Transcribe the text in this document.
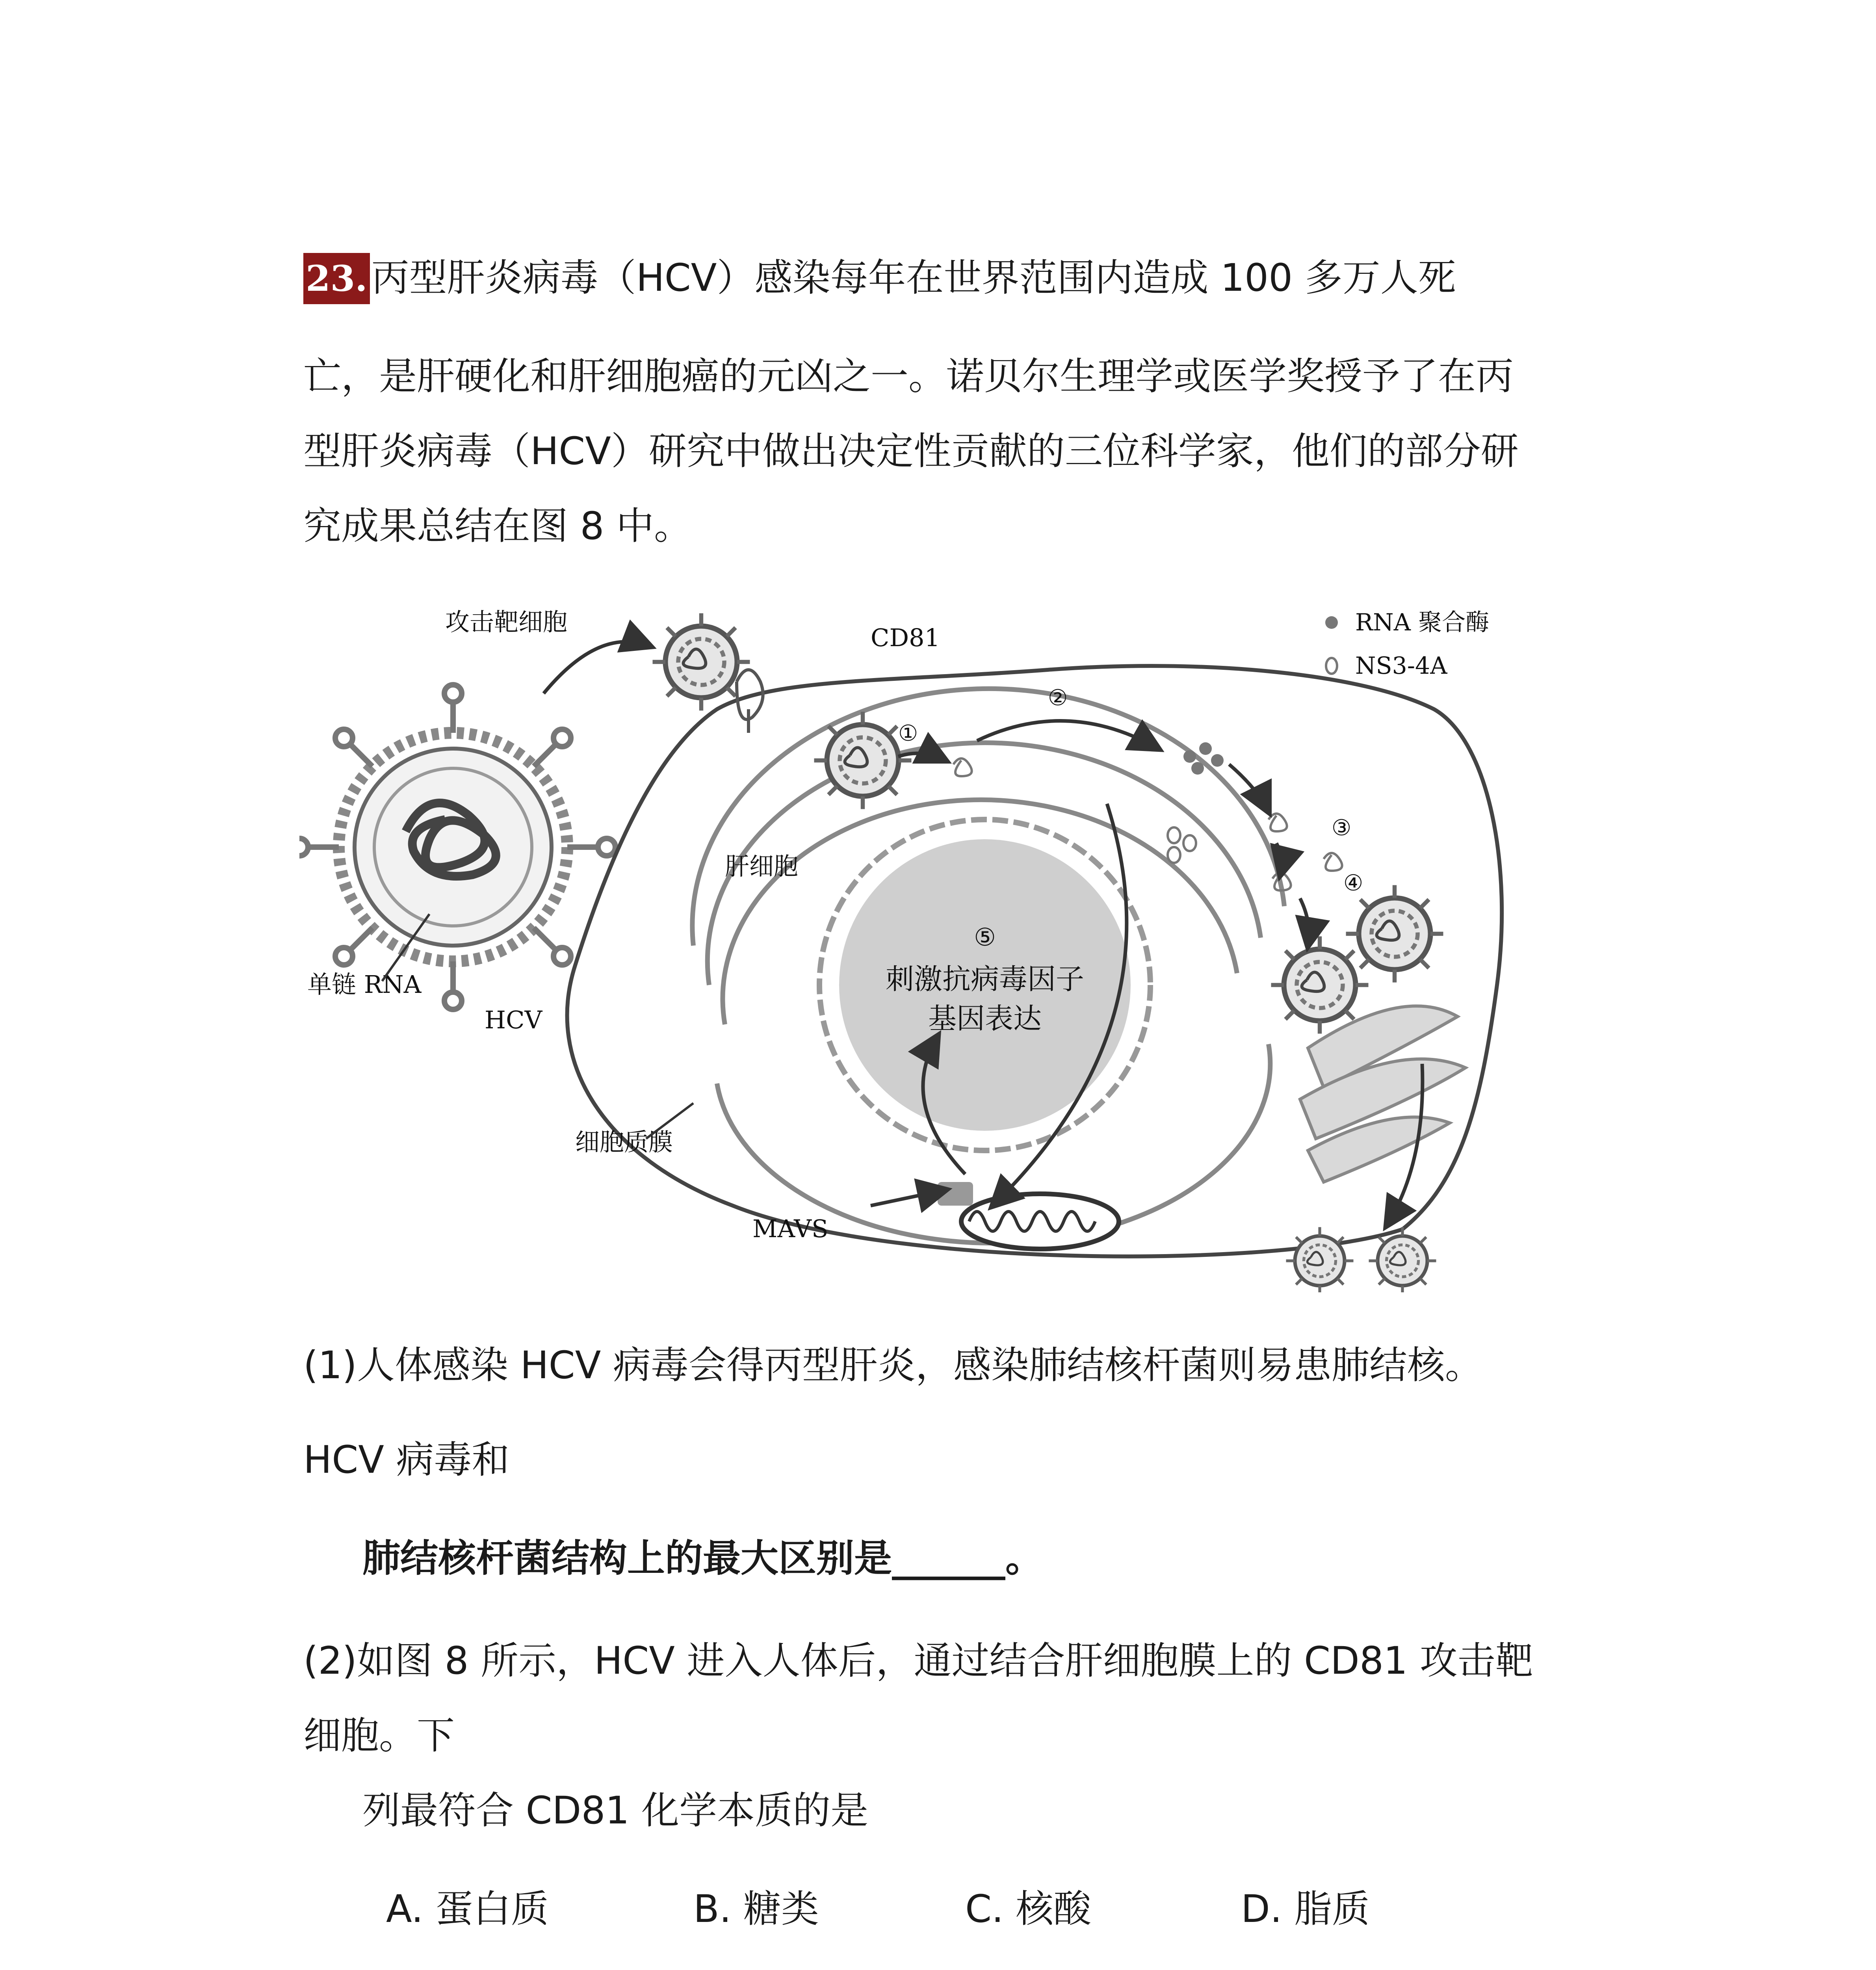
23. 丙型肝炎病毒（HCV）感染每年在世界范围内造成 100 多万人死
亡，是肝硬化和肝细胞癌的元凶之一。诺贝尔生理学或医学奖授予了在丙
型肝炎病毒（HCV）研究中做出决定性贡献的三位科学家，他们的部分研
究成果总结在图 8 中。
⑤
刺激抗病毒因子
基因表达
①
②
③
④
RNA 聚合酶
NS3-4A
攻击靶细胞
CD81
肝细胞
单链 RNA
HCV
细胞质膜
MAVS
(1)人体感染 HCV 病毒会得丙型肝炎，感染肺结核杆菌则易患肺结核。
HCV 病毒和
肺结核杆菌结构上的最大区别是______。
(2)如图 8 所示，HCV 进入人体后，通过结合肝细胞膜上的 CD81 攻击靶
细胞。下
列最符合 CD81 化学本质的是
A. 蛋白质	B. 糖类	C. 核酸	D. 脂质
